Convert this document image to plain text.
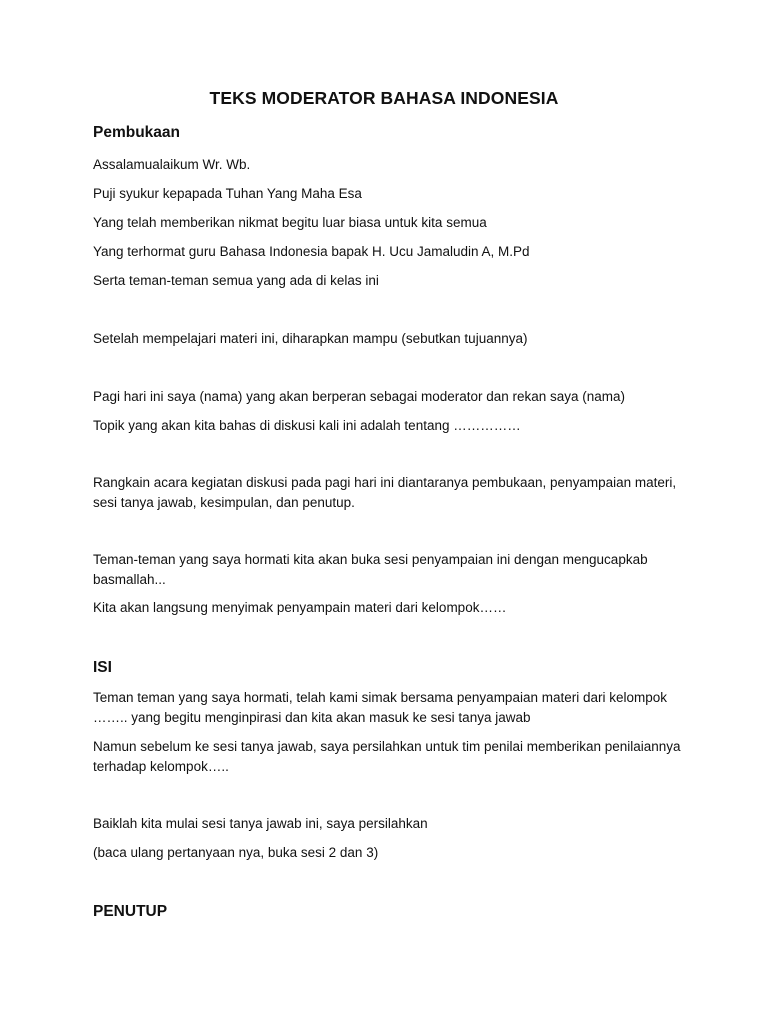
TEKS MODERATOR BAHASA INDONESIA
Pembukaan
Assalamualaikum Wr. Wb.
Puji syukur kepapada Tuhan Yang Maha Esa
Yang telah memberikan nikmat begitu luar biasa untuk kita semua
Yang terhormat guru Bahasa Indonesia bapak H. Ucu Jamaludin A, M.Pd
Serta teman-teman semua yang ada di kelas ini
Setelah mempelajari materi ini, diharapkan mampu (sebutkan tujuannya)
Pagi hari ini saya (nama) yang akan berperan sebagai moderator dan rekan saya (nama)
Topik yang akan kita bahas di diskusi kali ini adalah tentang ……………
Rangkain acara kegiatan diskusi pada pagi hari ini diantaranya pembukaan, penyampaian materi, sesi tanya jawab, kesimpulan, dan penutup.
Teman-teman yang saya hormati kita akan buka sesi penyampaian ini dengan mengucapkab basmallah...
Kita akan langsung menyimak penyampain materi dari kelompok……
ISI
Teman teman yang saya hormati, telah kami simak bersama penyampaian materi dari kelompok …….. yang begitu menginpirasi dan kita akan masuk ke sesi tanya jawab
Namun sebelum ke sesi tanya jawab, saya persilahkan untuk tim penilai memberikan penilaiannya terhadap kelompok…..
Baiklah kita mulai sesi tanya jawab ini, saya persilahkan
(baca ulang pertanyaan nya, buka sesi 2 dan 3)
PENUTUP
